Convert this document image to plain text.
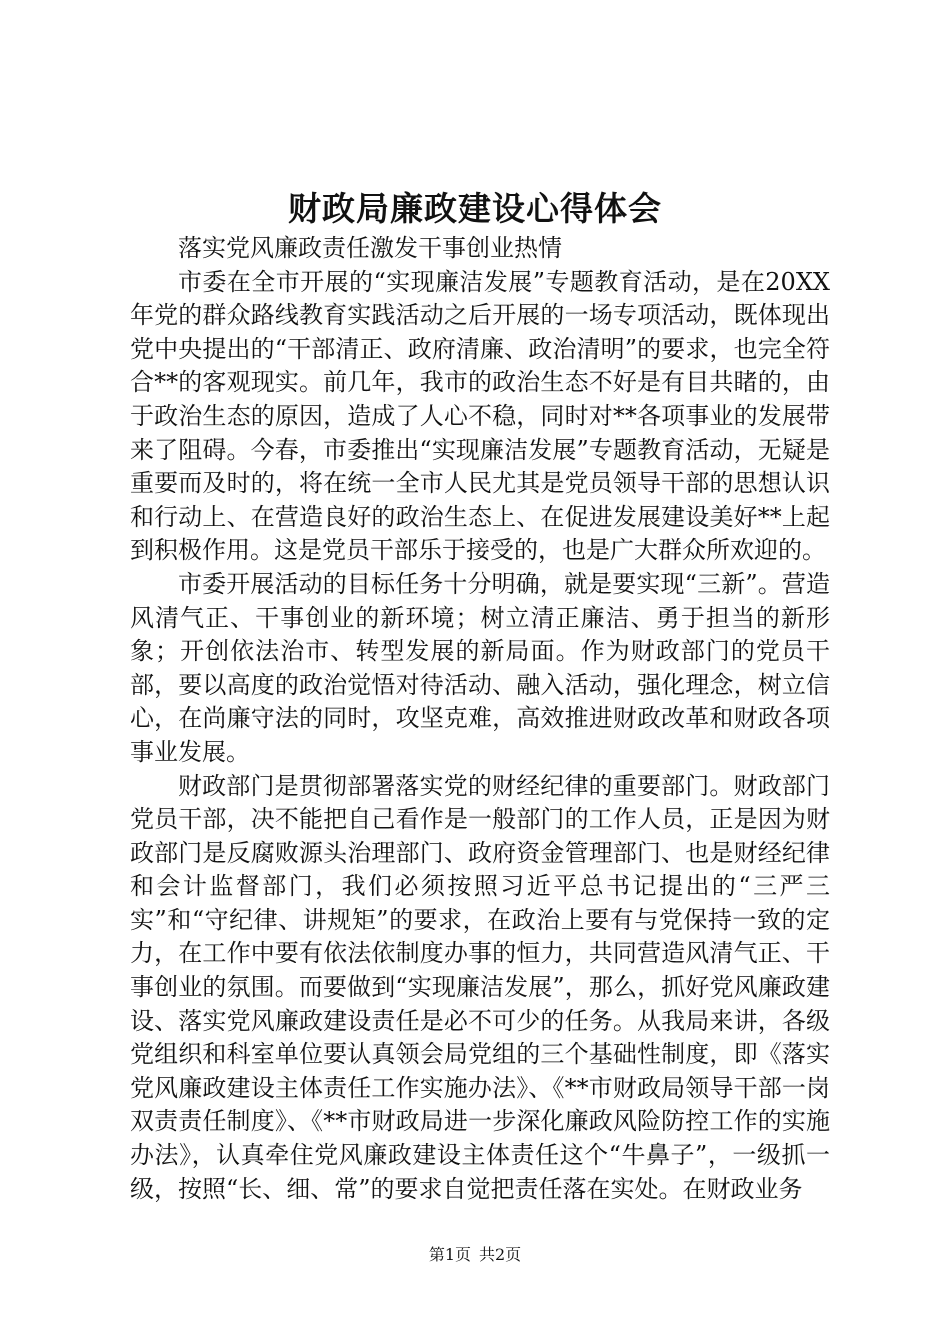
财政局廉政建设心得体会

落实党风廉政责任激发干事创业热情

市委在全市开展的“实现廉洁发展”专题教育活动，是在20XX年党的群众路线教育实践活动之后开展的一场专项活动，既体现出党中央提出的“干部清正、政府清廉、政治清明”的要求，也完全符合**的客观现实。前几年，我市的政治生态不好是有目共睹的，由于政治生态的原因，造成了人心不稳，同时对**各项事业的发展带来了阻碍。今春，市委推出“实现廉洁发展”专题教育活动，无疑是重要而及时的，将在统一全市人民尤其是党员领导干部的思想认识和行动上、在营造良好的政治生态上、在促进发展建设美好**上起到积极作用。这是党员干部乐于接受的，也是广大群众所欢迎的。

市委开展活动的目标任务十分明确，就是要实现“三新”。营造风清气正、干事创业的新环境；树立清正廉洁、勇于担当的新形象；开创依法治市、转型发展的新局面。作为财政部门的党员干部，要以高度的政治觉悟对待活动、融入活动，强化理念，树立信心，在尚廉守法的同时，攻坚克难，高效推进财政改革和财政各项事业发展。

财政部门是贯彻部署落实党的财经纪律的重要部门。财政部门党员干部，决不能把自己看作是一般部门的工作人员，正是因为财政部门是反腐败源头治理部门、政府资金管理部门、也是财经纪律和会计监督部门，我们必须按照习近平总书记提出的“三严三实”和“守纪律、讲规矩”的要求，在政治上要有与党保持一致的定力，在工作中要有依法依制度办事的恒力，共同营造风清气正、干事创业的氛围。而要做到“实现廉洁发展”，那么，抓好党风廉政建设、落实党风廉政建设责任是必不可少的任务。从我局来讲，各级党组织和科室单位要认真领会局党组的三个基础性制度，即《落实党风廉政建设主体责任工作实施办法》、《**市财政局领导干部一岗双责责任制度》、《**市财政局进一步深化廉政风险防控工作的实施办法》，认真牵住党风廉政建设主体责任这个“牛鼻子”，一级抓一级，按照“长、细、常”的要求自觉把责任落在实处。在财政业务

第1页 共2页
